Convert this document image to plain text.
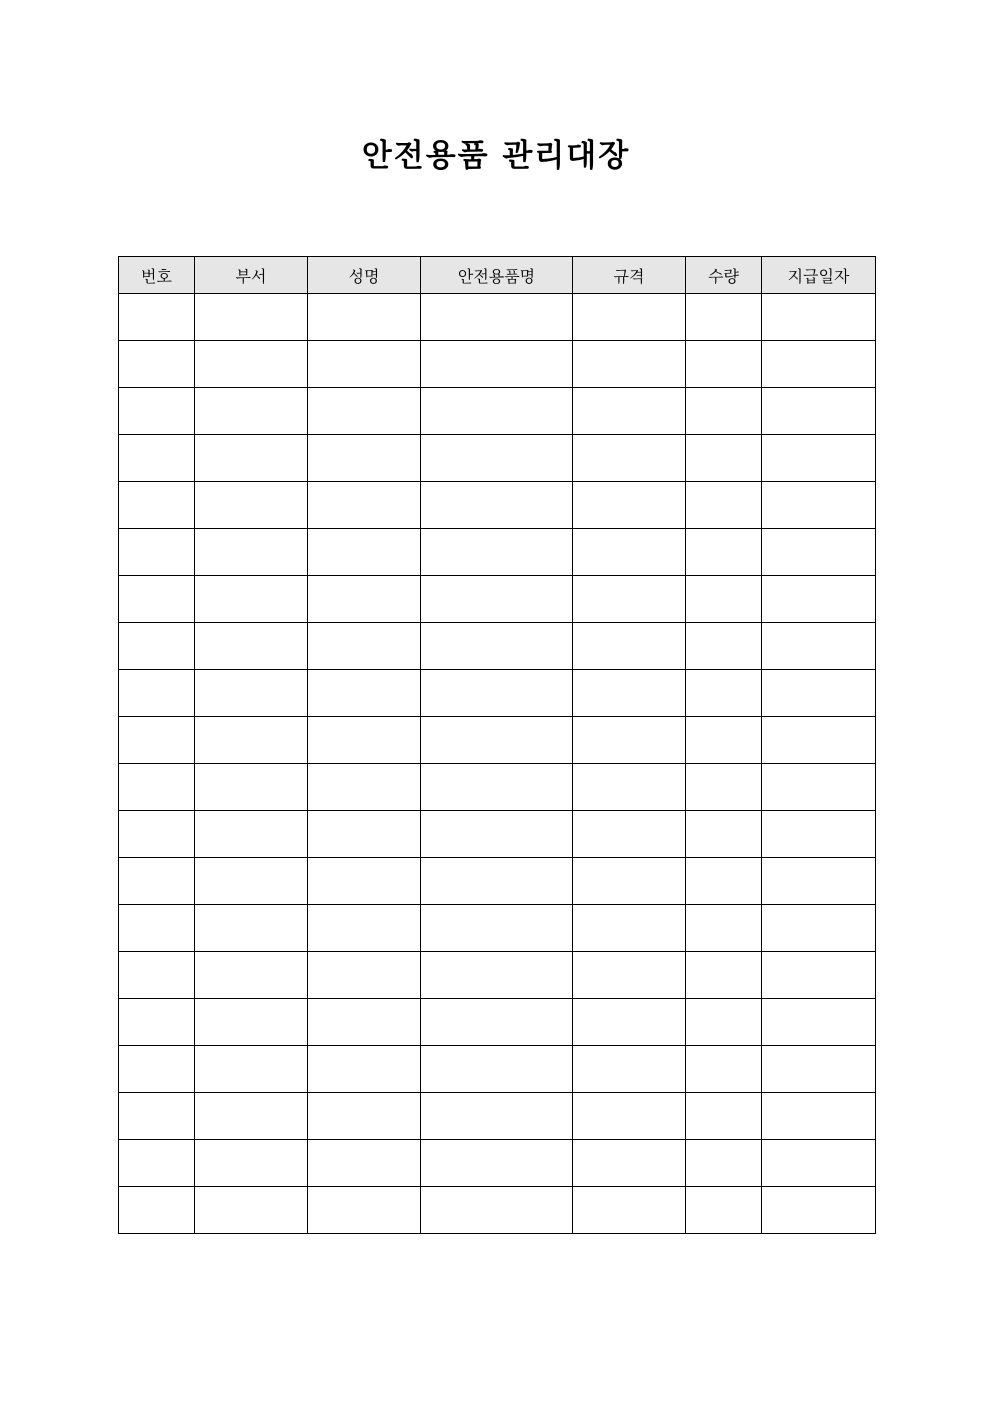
안전용품 관리대장
번호	부서	성명	안전용품명	규격	수량	지급일자
